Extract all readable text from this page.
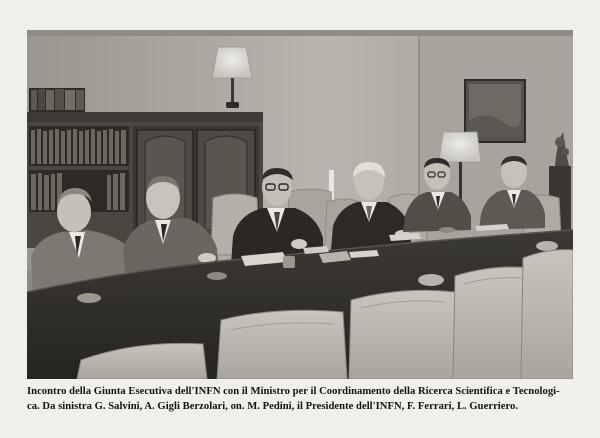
Incontro della Giunta Esecutiva dell'INFN con il Ministro per il Coordinamento della Ricerca Scientifica e Tecnologi-

ca. Da sinistra G. Salvini, A. Gigli Berzolari, on. M. Pedini, il Presidente dell'INFN, F. Ferrari, L. Guerriero.
